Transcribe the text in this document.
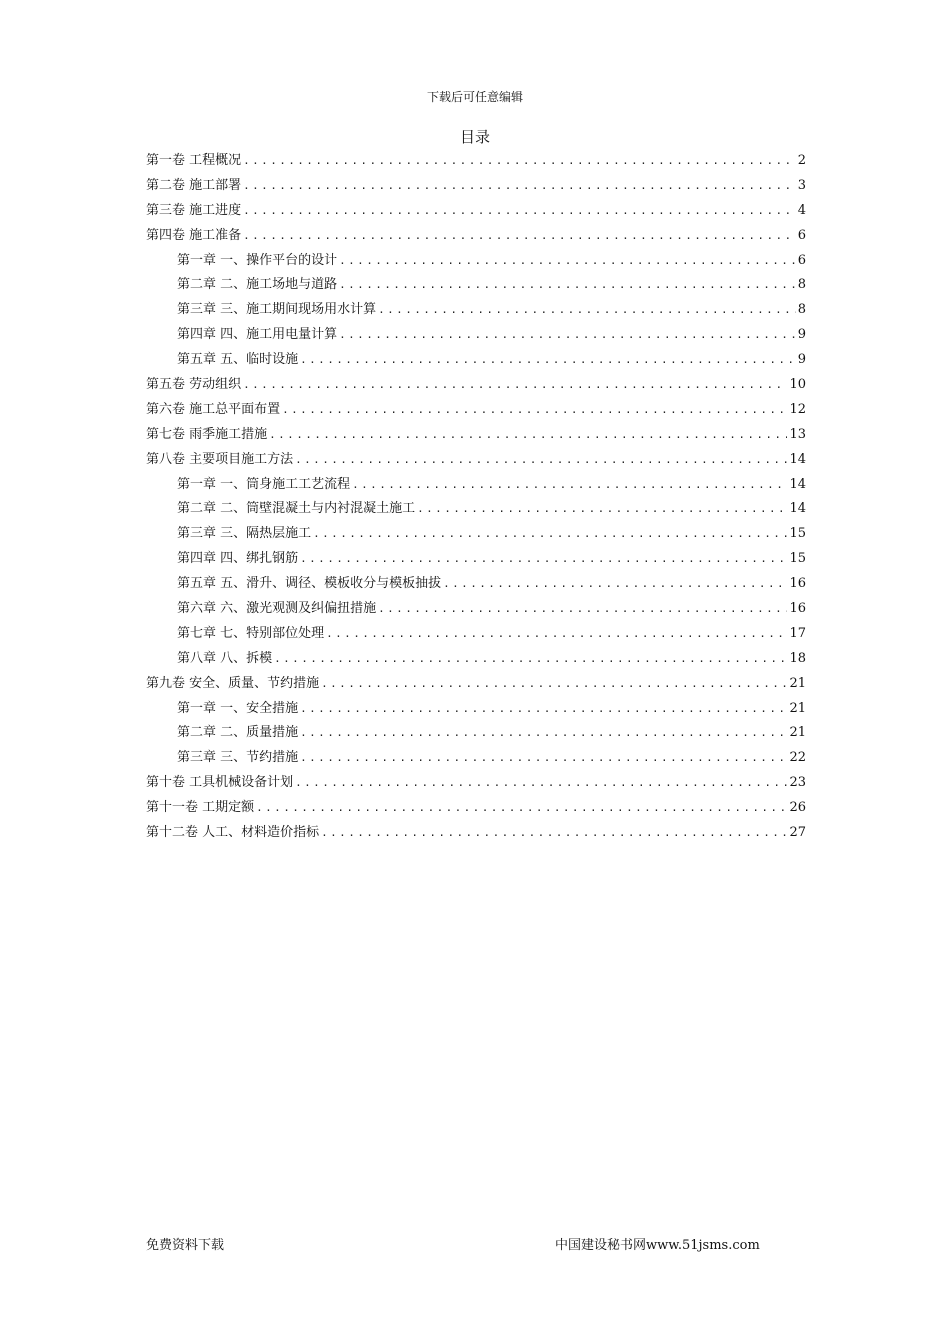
下载后可任意编辑
目录
第一卷 工程概况 .....	2
第二卷 施工部署 .....	3
第三卷 施工进度 .....	4
第四卷 施工准备 .....	6
第一章 一、操作平台的设计 .....	6
第二章 二、施工场地与道路 .....	8
第三章 三、施工期间现场用水计算 .....	8
第四章 四、施工用电量计算 .....	9
第五章 五、临时设施 .....	9
第五卷 劳动组织 .....	10
第六卷 施工总平面布置 .....	12
第七卷 雨季施工措施 .....	13
第八卷 主要项目施工方法 .....	14
第一章 一、筒身施工工艺流程 .....	14
第二章 二、筒壁混凝土与内衬混凝土施工 .....	14
第三章 三、隔热层施工 .....	15
第四章 四、绑扎钢筋 .....	15
第五章 五、滑升、调径、模板收分与模板抽拔 .....	16
第六章 六、激光观测及纠偏扭措施 .....	16
第七章 七、特别部位处理 .....	17
第八章 八、拆模 .....	18
第九卷 安全、质量、节约措施 .....	21
第一章 一、安全措施 .....	21
第二章 二、质量措施 .....	21
第三章 三、节约措施 .....	22
第十卷 工具机械设备计划 .....	23
第十一卷 工期定额 .....	26
第十二卷 人工、材料造价指标 .....	27
免费资料下载	中国建设秘书网www.51jsms.com
